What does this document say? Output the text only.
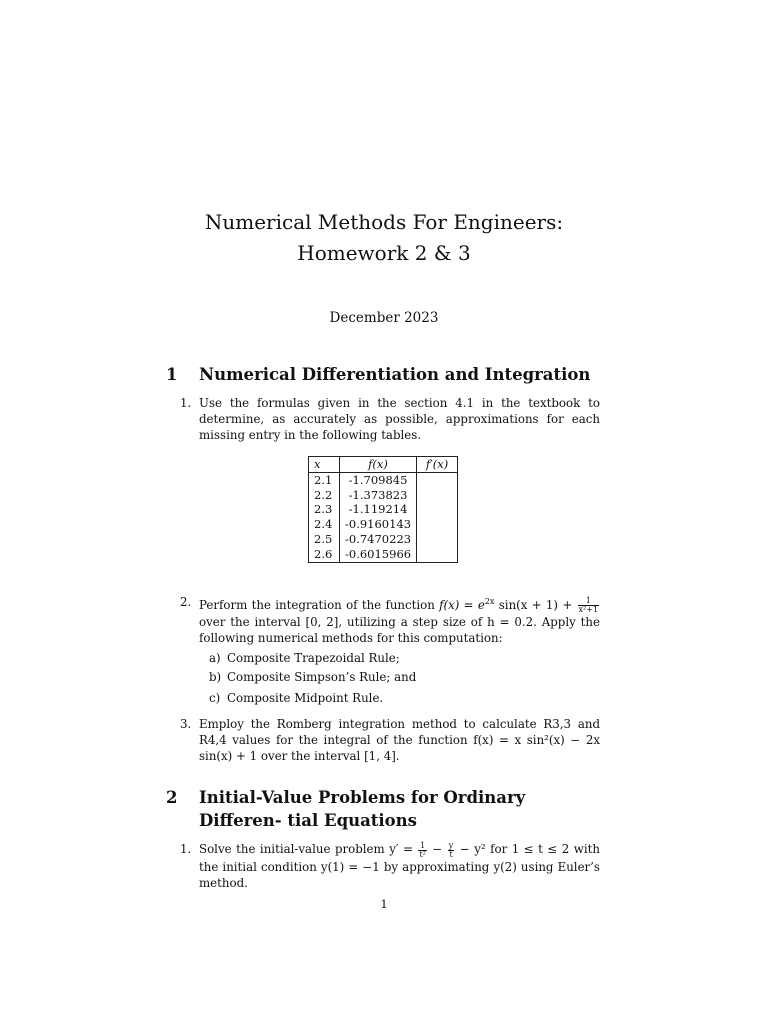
Numerical Methods For Engineers: Homework 2 & 3
December 2023
1	Numerical Differentiation and Integration
1. Use the formulas given in the section 4.1 in the textbook to determine, as accurately as possible, approximations for each missing entry in the following tables.
x	f(x)	f′(x)
2.1	-1.709845	
2.2	-1.373823	
2.3	-1.119214	
2.4	-0.9160143	
2.5	-0.7470223	
2.6	-0.6015966	
2. Perform the integration of the function $f(x) = e^{2x}$ $\sin(x + 1) + \frac{1}{\text{x²+1}}$
over the interval [0, 2], utilizing a step size of h = 0.2. Apply the following numerical methods for this computation:
a) Composite Trapezoidal Rule;
b) Composite Simpson’s Rule; and
c) Composite Midpoint Rule.
3. Employ the Romberg integration method to calculate R3,3 and R4,4 values for the integral of the function f(x) = x sin²(x) − 2x sin(x) + 1 over the interval [1, 4].
2	Initial-Value Problems for Ordinary Differen- tial Equations
1. Solve the initial-value problem $y' = \frac{1}{\text{t²}} - \frac{y}{t} - y^2$ for 1 ≤ t ≤ 2 with the initial condition y(1) = −1 by approximating y(2) using Euler’s method.
1
